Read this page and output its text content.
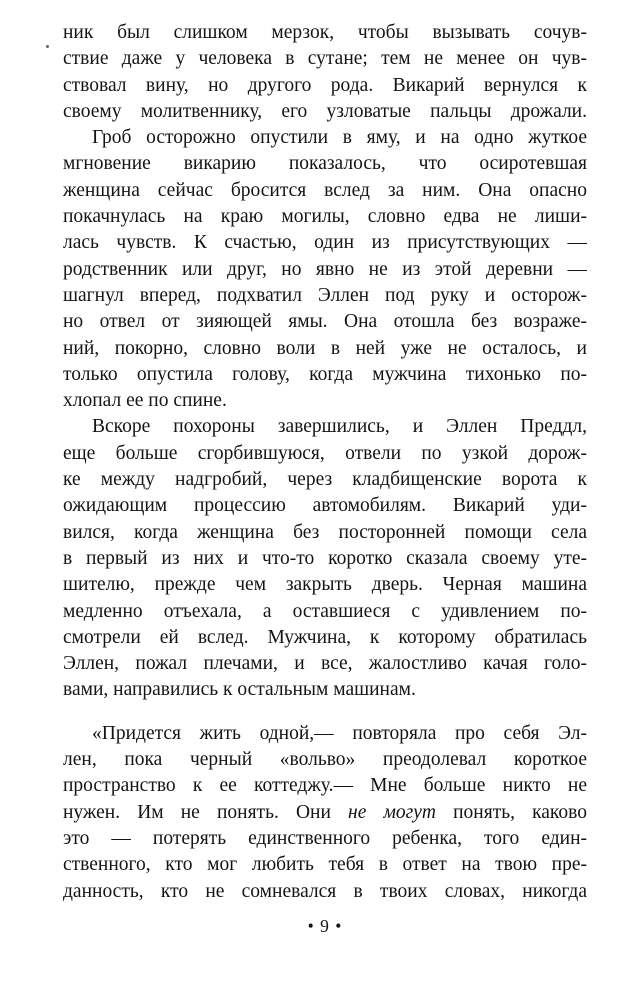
ник был слишком мерзок, чтобы вызывать сочув-
ствие даже у человека в сутане; тем не менее он чув-
ствовал вину, но другого рода. Викарий вернулся к
своему молитвеннику, его узловатые пальцы дрожали.
Гроб осторожно опустили в яму, и на одно жуткое
мгновение викарию показалось, что осиротевшая
женщина сейчас бросится вслед за ним. Она опасно
покачнулась на краю могилы, словно едва не лиши-
лась чувств. К счастью, один из присутствующих —
родственник или друг, но явно не из этой деревни —
шагнул вперед, подхватил Эллен под руку и осторож-
но отвел от зияющей ямы. Она отошла без возраже-
ний, покорно, словно воли в ней уже не осталось, и
только опустила голову, когда мужчина тихонько по-
хлопал ее по спине.
Вскоре похороны завершились, и Эллен Преддл,
еще больше сгорбившуюся, отвели по узкой дорож-
ке между надгробий, через кладбищенские ворота к
ожидающим процессию автомобилям. Викарий уди-
вился, когда женщина без посторонней помощи села
в первый из них и что-то коротко сказала своему уте-
шителю, прежде чем закрыть дверь. Черная машина
медленно отъехала, а оставшиеся с удивлением по-
смотрели ей вслед. Мужчина, к которому обратилась
Эллен, пожал плечами, и все, жалостливо качая голо-
вами, направились к остальным машинам.
«Придется жить одной,— повторяла про себя Эл-
лен, пока черный «вольво» преодолевал короткое
пространство к ее коттеджу.— Мне больше никто не
нужен. Им не понять. Они не могут понять, каково
это — потерять единственного ребенка, того един-
ственного, кто мог любить тебя в ответ на твою пре-
данность, кто не сомневался в твоих словах, никогда
• 9 •
